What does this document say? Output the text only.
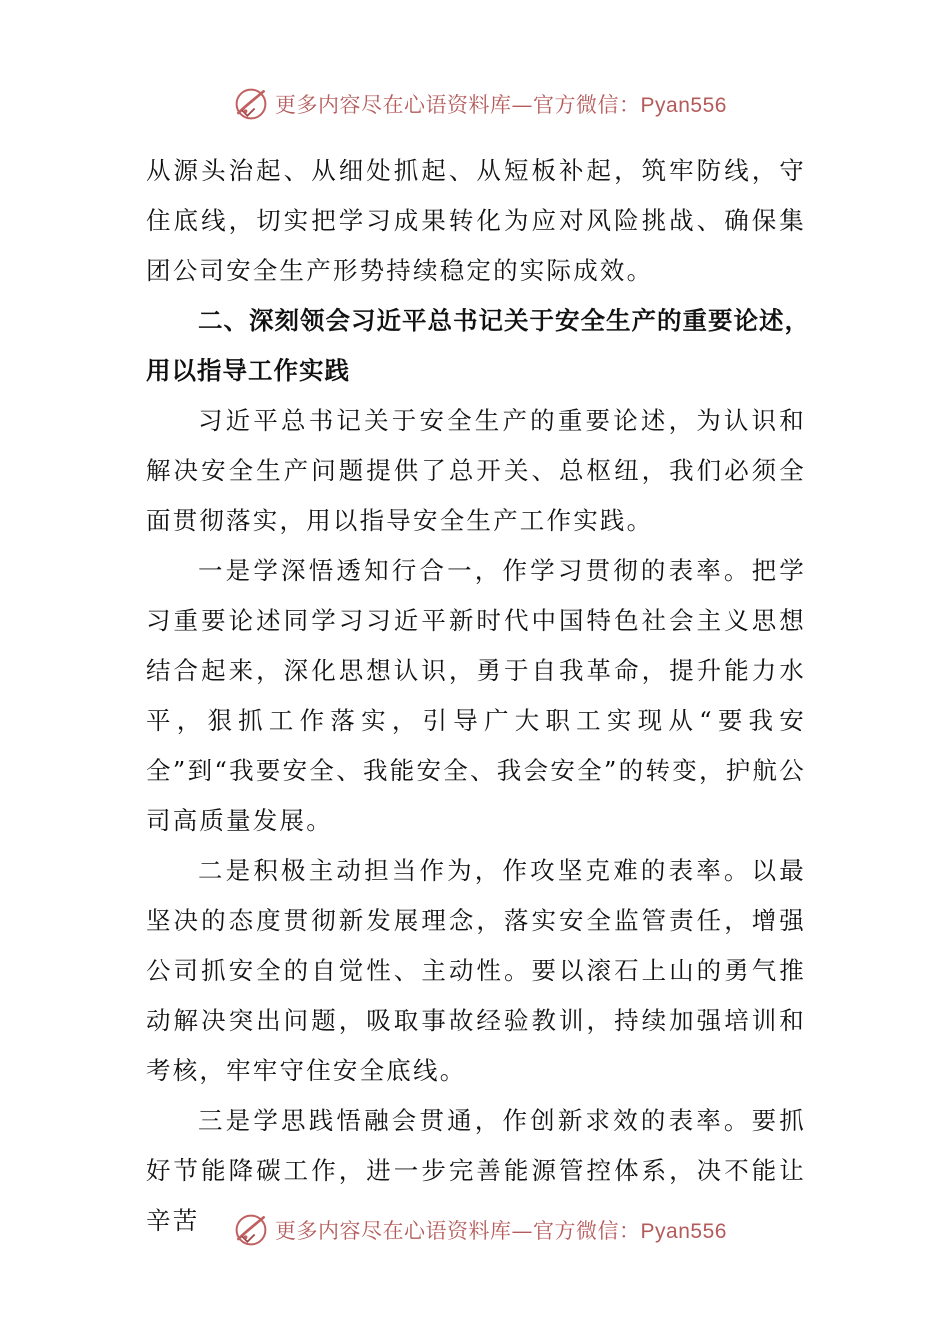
更多内容尽在心语资料库—官方微信：Pyan556

从源头治起、从细处抓起、从短板补起，筑牢防线，守住底线，切实把学习成果转化为应对风险挑战、确保集团公司安全生产形势持续稳定的实际成效。

二、深刻领会习近平总书记关于安全生产的重要论述，用以指导工作实践

习近平总书记关于安全生产的重要论述，为认识和解决安全生产问题提供了总开关、总枢纽，我们必须全面贯彻落实，用以指导安全生产工作实践。

一是学深悟透知行合一，作学习贯彻的表率。把学习重要论述同学习习近平新时代中国特色社会主义思想结合起来，深化思想认识，勇于自我革命，提升能力水平，狠抓工作落实，引导广大职工实现从“要我安全”到“我要安全、我能安全、我会安全”的转变，护航公司高质量发展。

二是积极主动担当作为，作攻坚克难的表率。以最坚决的态度贯彻新发展理念，落实安全监管责任，增强公司抓安全的自觉性、主动性。要以滚石上山的勇气推动解决突出问题，吸取事故经验教训，持续加强培训和考核，牢牢守住安全底线。

三是学思践悟融会贯通，作创新求效的表率。要抓好节能降碳工作，进一步完善能源管控体系，决不能让辛苦	更多内容尽在心语资料库—官方微信：Pyan556
